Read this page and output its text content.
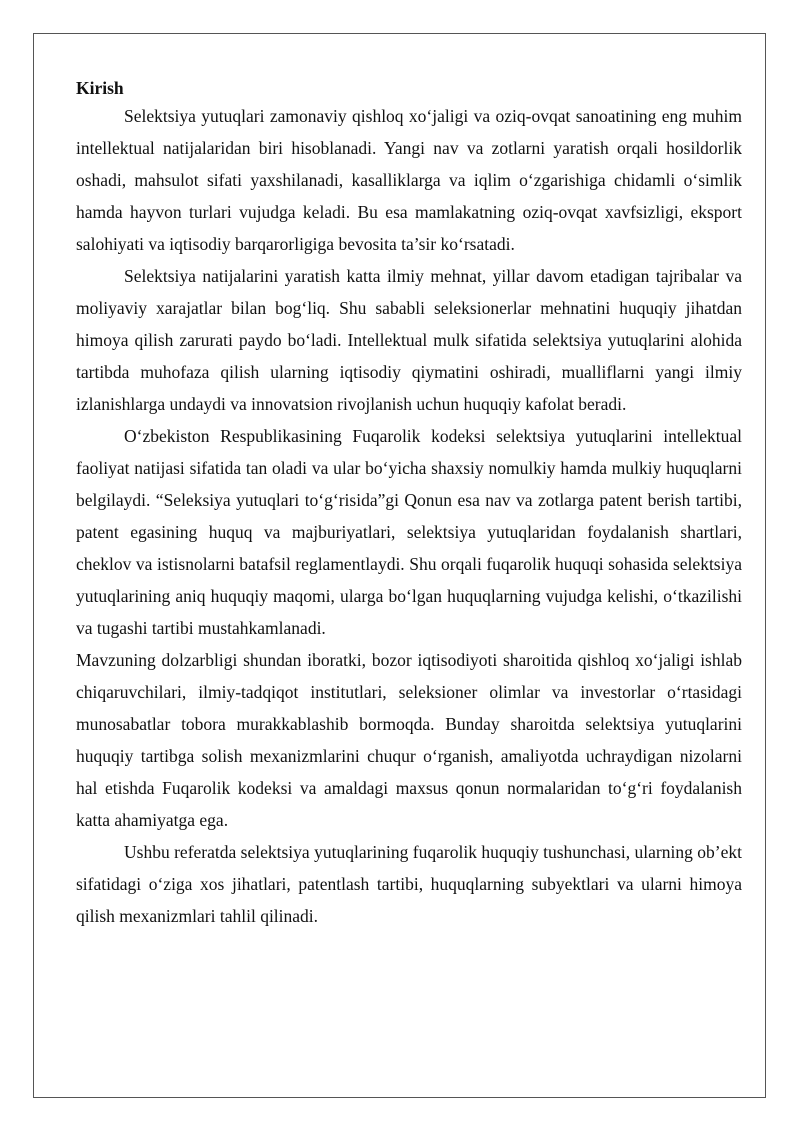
Kirish

Selektsiya yutuqlari zamonaviy qishloq xo‘jaligi va oziq-ovqat sanoatining eng muhim intellektual natijalaridan biri hisoblanadi. Yangi nav va zotlarni yaratish orqali hosildorlik oshadi, mahsulot sifati yaxshilanadi, kasalliklarga va iqlim o‘zgarishiga chidamli o‘simlik hamda hayvon turlari vujudga keladi. Bu esa mamlakatning oziq-ovqat xavfsizligi, eksport salohiyati va iqtisodiy barqarorligiga bevosita ta’sir ko‘rsatadi.

Selektsiya natijalarini yaratish katta ilmiy mehnat, yillar davom etadigan tajribalar va moliyaviy xarajatlar bilan bog‘liq. Shu sababli seleksionerlar mehnatini huquqiy jihatdan himoya qilish zarurati paydo bo‘ladi. Intellektual mulk sifatida selektsiya yutuqlarini alohida tartibda muhofaza qilish ularning iqtisodiy qiymatini oshiradi, mualliflarni yangi ilmiy izlanishlarga undaydi va innovatsion rivojlanish uchun huquqiy kafolat beradi.

O‘zbekiston Respublikasining Fuqarolik kodeksi selektsiya yutuqlarini intellektual faoliyat natijasi sifatida tan oladi va ular bo‘yicha shaxsiy nomulkiy hamda mulkiy huquqlarni belgilaydi. “Seleksiya yutuqlari to‘g‘risida”gi Qonun esa nav va zotlarga patent berish tartibi, patent egasining huquq va majburiyatlari, selektsiya yutuqlaridan foydalanish shartlari, cheklov va istisnolarni batafsil reglamentlaydi. Shu orqali fuqarolik huquqi sohasida selektsiya yutuqlarining aniq huquqiy maqomi, ularga bo‘lgan huquqlarning vujudga kelishi, o‘tkazilishi va tugashi tartibi mustahkamlanadi.

Mavzuning dolzarbligi shundan iboratki, bozor iqtisodiyoti sharoitida qishloq xo‘jaligi ishlab chiqaruvchilari, ilmiy-tadqiqot institutlari, seleksioner olimlar va investorlar o‘rtasidagi munosabatlar tobora murakkablashib bormoqda. Bunday sharoitda selektsiya yutuqlarini huquqiy tartibga solish mexanizmlarini chuqur o‘rganish, amaliyotda uchraydigan nizolarni hal etishda Fuqarolik kodeksi va amaldagi maxsus qonun normalaridan to‘g‘ri foydalanish katta ahamiyatga ega.

Ushbu referatda selektsiya yutuqlarining fuqarolik huquqiy tushunchasi, ularning ob’ekt sifatidagi o‘ziga xos jihatlari, patentlash tartibi, huquqlarning subyektlari va ularni himoya qilish mexanizmlari tahlil qilinadi.
